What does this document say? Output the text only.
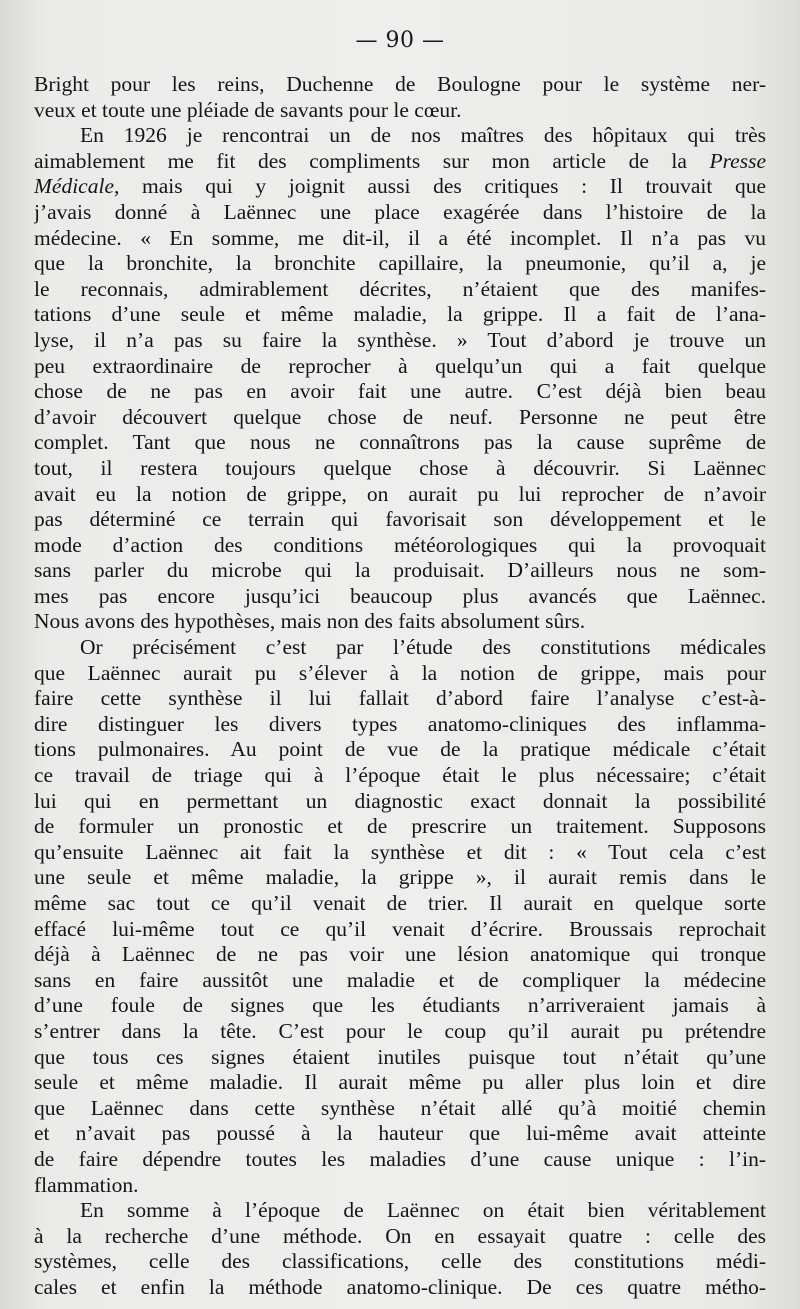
— 90 —
Bright pour les reins, Duchenne de Boulogne pour le système ner-
veux et toute une pléiade de savants pour le cœur.
En 1926 je rencontrai un de nos maîtres des hôpitaux qui très
aimablement me fit des compliments sur mon article de la Presse
Médicale, mais qui y joignit aussi des critiques : Il trouvait que
j’avais donné à Laënnec une place exagérée dans l’histoire de la
médecine. « En somme, me dit-il, il a été incomplet. Il n’a pas vu
que la bronchite, la bronchite capillaire, la pneumonie, qu’il a, je
le reconnais, admirablement décrites, n’étaient que des manifes-
tations d’une seule et même maladie, la grippe. Il a fait de l’ana-
lyse, il n’a pas su faire la synthèse. » Tout d’abord je trouve un
peu extraordinaire de reprocher à quelqu’un qui a fait quelque
chose de ne pas en avoir fait une autre. C’est déjà bien beau
d’avoir découvert quelque chose de neuf. Personne ne peut être
complet. Tant que nous ne connaîtrons pas la cause suprême de
tout, il restera toujours quelque chose à découvrir. Si Laënnec
avait eu la notion de grippe, on aurait pu lui reprocher de n’avoir
pas déterminé ce terrain qui favorisait son développement et le
mode d’action des conditions météorologiques qui la provoquait
sans parler du microbe qui la produisait. D’ailleurs nous ne som-
mes pas encore jusqu’ici beaucoup plus avancés que Laënnec.
Nous avons des hypothèses, mais non des faits absolument sûrs.
Or précisément c’est par l’étude des constitutions médicales
que Laënnec aurait pu s’élever à la notion de grippe, mais pour
faire cette synthèse il lui fallait d’abord faire l’analyse c’est-à-
dire distinguer les divers types anatomo-cliniques des inflamma-
tions pulmonaires. Au point de vue de la pratique médicale c’était
ce travail de triage qui à l’époque était le plus nécessaire; c’était
lui qui en permettant un diagnostic exact donnait la possibilité
de formuler un pronostic et de prescrire un traitement. Supposons
qu’ensuite Laënnec ait fait la synthèse et dit : « Tout cela c’est
une seule et même maladie, la grippe », il aurait remis dans le
même sac tout ce qu’il venait de trier. Il aurait en quelque sorte
effacé lui-même tout ce qu’il venait d’écrire. Broussais reprochait
déjà à Laënnec de ne pas voir une lésion anatomique qui tronque
sans en faire aussitôt une maladie et de compliquer la médecine
d’une foule de signes que les étudiants n’arriveraient jamais à
s’entrer dans la tête. C’est pour le coup qu’il aurait pu prétendre
que tous ces signes étaient inutiles puisque tout n’était qu’une
seule et même maladie. Il aurait même pu aller plus loin et dire
que Laënnec dans cette synthèse n’était allé qu’à moitié chemin
et n’avait pas poussé à la hauteur que lui-même avait atteinte
de faire dépendre toutes les maladies d’une cause unique : l’in-
flammation.
En somme à l’époque de Laënnec on était bien véritablement
à la recherche d’une méthode. On en essayait quatre : celle des
systèmes, celle des classifications, celle des constitutions médi-
cales et enfin la méthode anatomo-clinique. De ces quatre métho-
